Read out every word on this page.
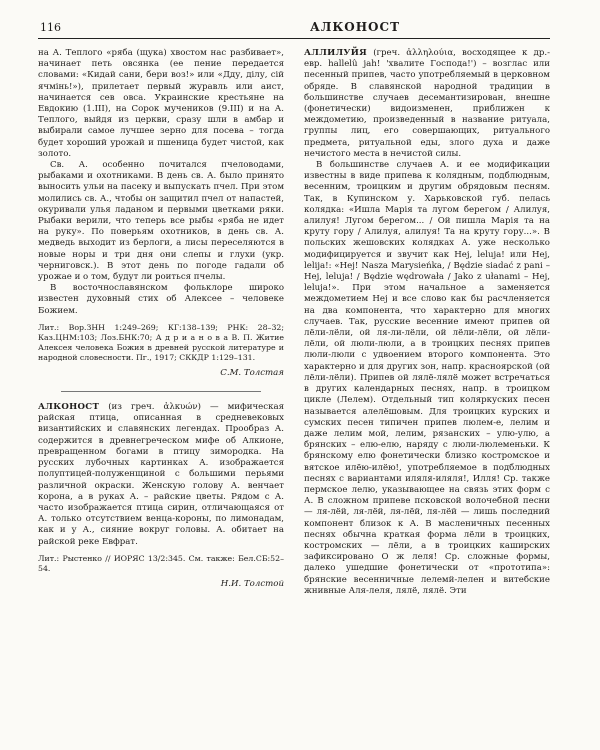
116	АЛКОНОСТ

на А. Теплого «ряба (щука) хвостом нас разбивает», начинает петь овсянка (ее пение передается словами: «Кидай сани, бери воз!» или «Дду, ділу, сій ячмінь!»), прилетает первый журавль или аист, начинается сев овса. Украинские крестьяне на Евдокию (1.III), на Сорок мучеников (9.III) и на А. Теплого, выйдя из церкви, сразу шли в амбар и выбирали самое лучшее зерно для посева – тогда будет хороший урожай и пшеница будет чистой, как золото.

Св. А. особенно почитался пчеловодами, рыбаками и охотниками. В день св. А. было принято выносить ульи на пасеку и выпускать пчел. При этом молились св. А., чтобы он защитил пчел от напастей, окуривали улья ладаном и первыми цветками ряки. Рыбаки верили, что теперь все рыбы «ряба не идет на руку». По поверьям охотников, в день св. А. медведь выходит из берлоги, а лисы переселяются в новые норы и три дня они слепы и глухи (укр. черниговск.). В этот день по погоде гадали об урожае и о том, будут ли роиться пчелы.

В восточнославянском фольклоре широко известен духовный стих об Алексее – человеке Божием.

Лит.: Вор.ЗНН 1:249–269; КГ:138–139; РНК: 28–32; Каз.ЦНМ:103; Лоз.БНК:70; А д р и а н о в а В. П. Житие Алексея человека Божия в древней русской литературе и народной словесности. Пг., 1917; СККДР 1:129–131.

С.М. Толстая

АЛКОНОСТ (из греч. ἀλκυών) — мифическая райская птица, описанная в средневековых византийских и славянских легендах. Прообраз А. содержится в древнегреческом мифе об Алкионе, превращенном богами в птицу зимородка. На русских лубочных картинках А. изображается полуптицей-полуженщиной с большими перьями различной окраски. Женскую голову А. венчает корона, а в руках А. – райские цветы. Рядом с А. часто изображается птица сирин, отличающаяся от А. только отсутствием венца-короны, по лимонадам, как и у А., сияние вокруг головы. А. обитает на райской реке Евфрат.

Лит.: Рыстенко // ИОРЯС 13/2:345. См. также: Бел.СБ:52–54.

Н.И. Толстой

АЛЛИЛУЙЯ (греч. ἀλληλούια, восходящее к др.-евр. hallelû jah! 'хвалите Господа!') – возглас или песенный припев, часто употребляемый в церковном обряде. В славянской народной традиции в большинстве случаев десемантизирован, внешне (фонетически) видоизменен, приближен к междометию, произведенный в название ритуала, группы лиц, его совершающих, ритуального предмета, ритуальной еды, злого духа и даже нечистого места в нечистой силы.

В большинстве случаев А. и ее модификации известны в виде припева к колядным, подблюдным, весенним, троицким и другим обрядовым песням. Так, в Купинском у. Харьковской губ. пелась колядка: «Ишла Марія та лугом берегом / Алилуя, алилуя! Лугом берегом... / Ой пишла Марія та на круту гору / Алилуя, алилуя! Та на круту гору...». В польских жешовских колядках А. уже несколько модифицируется и звучит как Hej, leluja! или Hej, lelija!: «Hej! Nasza Marysieńka, / Będzie siadać z pani – Hej, leluja! / Będzie wędrowała / Jako z ułanami – Hej, leluja!». При этом начальное а заменяется междометием Hej и все слово как бы расчленяется на два компонента, что характерно для многих случаев. Так, русские весенние имеют припев ой лёли-лёли, ой ля-ли-лёли, ой лёли-лёли, ой лёли-лёли, ой люли-люли, а в троицких песнях припев люли-люли с удвоением второго компонента. Это характерно и для других зон, напр. красноярской (ой лёли-лёли). Припев ой лялё-лялё может встречаться в других календарных песнях, напр. в троицком цикле (Лелем). Отдельный тип коляркуских песен называется алелёшовым. Для троицких курских и сумских песен типичен припев люлем-е, лелим и даже лелим мой, лелим, рязанских – улю-улю, а брянских – елю-елю, наряду с люли-люлеменьки. К брянскому елю фонетически близко костромское и вятское илёю-илёю!, употребляемое в подблюдных песнях с вариантами иляля-иляля!, Илля! Ср. также пермское лелю, указывающее на связь этих форм с А. В сложном припеве псковской волочебной песни — ля-лёй, ля-лёй, ля-лёй, ля-лёй — лишь последний компонент близок к А. В масленичных песенных песнях обычна краткая форма лёли в троицких, костромских — лёли, а в троицких каширских зафиксировано О ж леля! Ср. сложные формы, далеко ушедшие фонетически от «прототипа»: брянские весенничные лелемй-лелен и витебские жнивные Аля-леля, лялё, лялё. Эти
